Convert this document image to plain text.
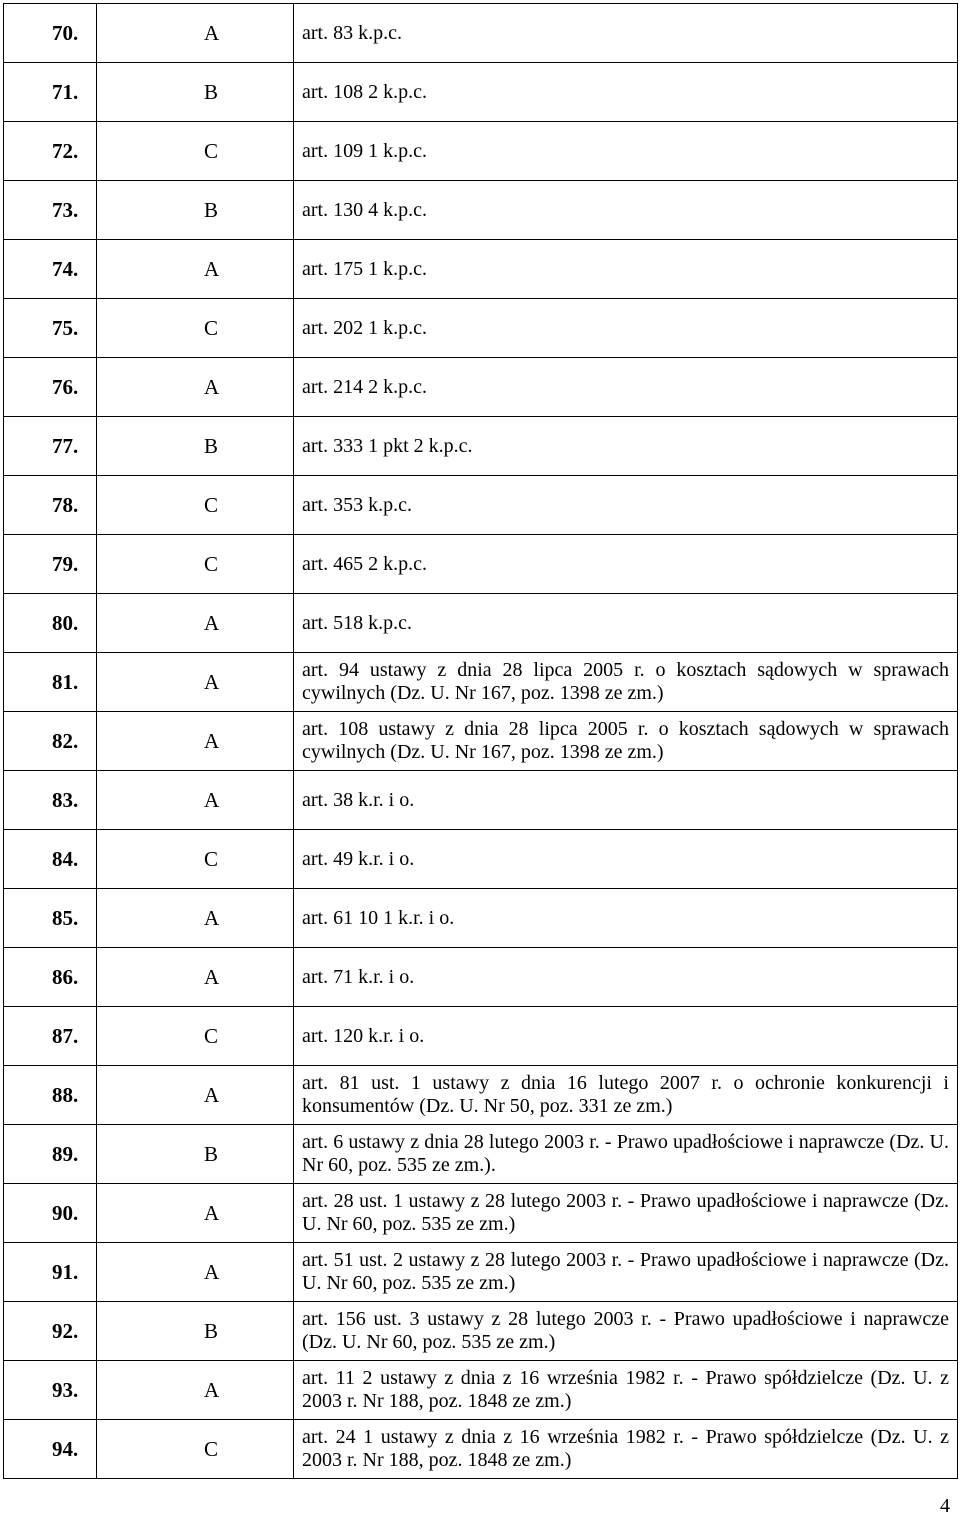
70.	A	art. 83 k.p.c.

71.	B	art. 108 2 k.p.c.

72.	C	art. 109 1 k.p.c.

73.	B	art. 130 4 k.p.c.

74.	A	art. 175 1 k.p.c.

75.	C	art. 202 1 k.p.c.

76.	A	art. 214 2 k.p.c.

77.	B	art. 333 1 pkt 2 k.p.c.

78.	C	art. 353 k.p.c.

79.	C	art. 465 2 k.p.c.

80.	A	art. 518 k.p.c.

81.	A	art. 94 ustawy z dnia 28 lipca 2005 r. o kosztach sądowych w sprawach cywilnych (Dz. U. Nr 167, poz. 1398 ze zm.)

82.	A	art. 108 ustawy z dnia 28 lipca 2005 r. o kosztach sądowych w sprawach cywilnych (Dz. U. Nr 167, poz. 1398 ze zm.)

83.	A	art. 38 k.r. i o.

84.	C	art. 49 k.r. i o.

85.	A	art. 61 10 1 k.r. i o.

86.	A	art. 71 k.r. i o.

87.	C	art. 120 k.r. i o.

88.	A	art. 81 ust. 1 ustawy z dnia 16 lutego 2007 r. o ochronie konkurencji i konsumentów (Dz. U. Nr 50, poz. 331 ze zm.)

89.	B	art. 6 ustawy z dnia 28 lutego 2003 r. - Prawo upadłościowe i naprawcze (Dz. U. Nr 60, poz. 535 ze zm.).

90.	A	art. 28 ust. 1 ustawy z 28 lutego 2003 r. - Prawo upadłościowe i naprawcze (Dz. U. Nr 60, poz. 535 ze zm.)

91.	A	art. 51 ust. 2 ustawy z 28 lutego 2003 r. - Prawo upadłościowe i naprawcze (Dz. U. Nr 60, poz. 535 ze zm.)

92.	B	art. 156 ust. 3 ustawy z 28 lutego 2003 r. - Prawo upadłościowe i naprawcze (Dz. U. Nr 60, poz. 535 ze zm.)

93.	A	art. 11 2 ustawy z dnia z 16 września 1982 r. - Prawo spółdzielcze (Dz. U. z 2003 r. Nr 188, poz. 1848 ze zm.)

94.	C	art. 24 1 ustawy z dnia z 16 września 1982 r. - Prawo spółdzielcze (Dz. U. z 2003 r. Nr 188, poz. 1848 ze zm.)
4
